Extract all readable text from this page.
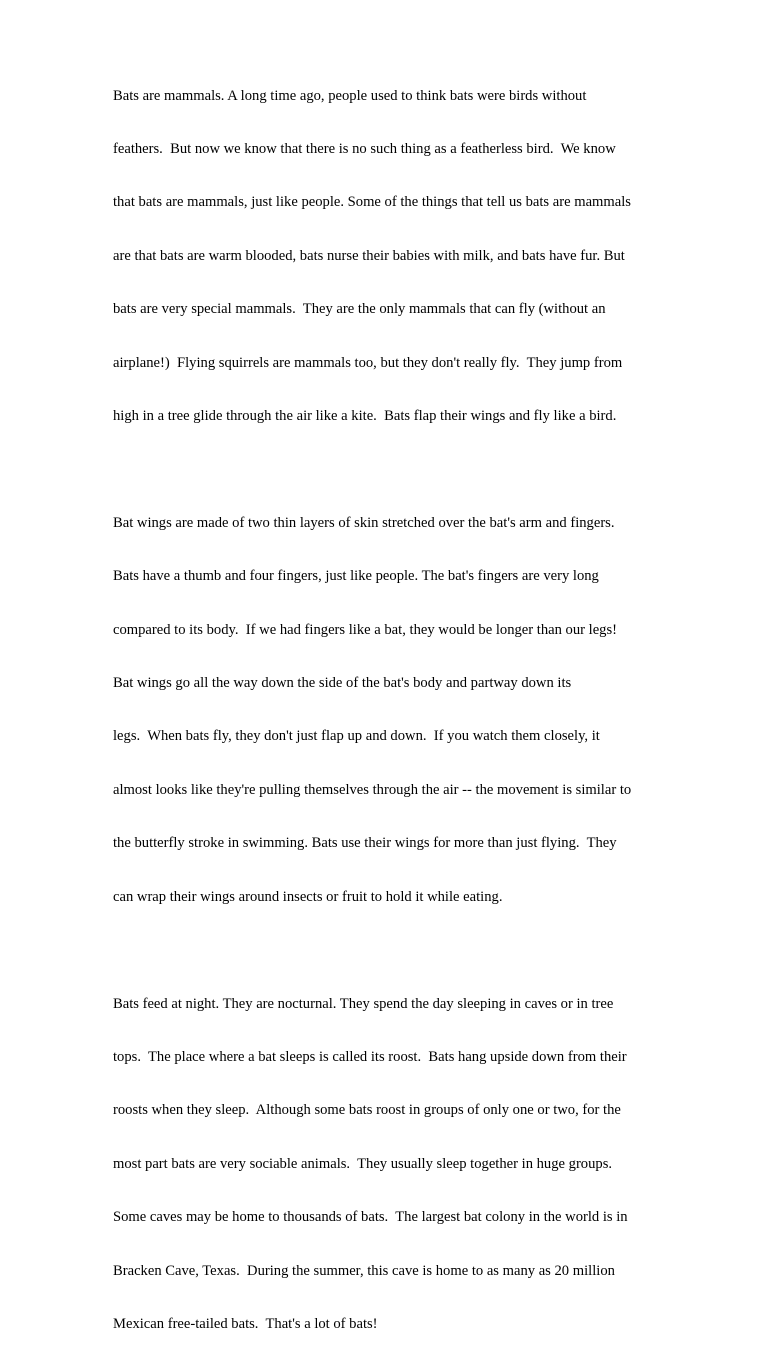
Bats are mammals. A long time ago, people used to think bats were birds without

feathers.  But now we know that there is no such thing as a featherless bird.  We know

that bats are mammals, just like people. Some of the things that tell us bats are mammals

are that bats are warm blooded, bats nurse their babies with milk, and bats have fur. But

bats are very special mammals.  They are the only mammals that can fly (without an

airplane!)  Flying squirrels are mammals too, but they don't really fly.  They jump from

high in a tree glide through the air like a kite.  Bats flap their wings and fly like a bird.

Bat wings are made of two thin layers of skin stretched over the bat's arm and fingers.

Bats have a thumb and four fingers, just like people. The bat's fingers are very long

compared to its body.  If we had fingers like a bat, they would be longer than our legs!

Bat wings go all the way down the side of the bat's body and partway down its

legs.  When bats fly, they don't just flap up and down.  If you watch them closely, it

almost looks like they're pulling themselves through the air -- the movement is similar to

the butterfly stroke in swimming. Bats use their wings for more than just flying.  They

can wrap their wings around insects or fruit to hold it while eating.

Bats feed at night. They are nocturnal. They spend the day sleeping in caves or in tree

tops.  The place where a bat sleeps is called its roost.  Bats hang upside down from their

roosts when they sleep.  Although some bats roost in groups of only one or two, for the

most part bats are very sociable animals.  They usually sleep together in huge groups.

Some caves may be home to thousands of bats.  The largest bat colony in the world is in

Bracken Cave, Texas.  During the summer, this cave is home to as many as 20 million

Mexican free-tailed bats.  That's a lot of bats!
